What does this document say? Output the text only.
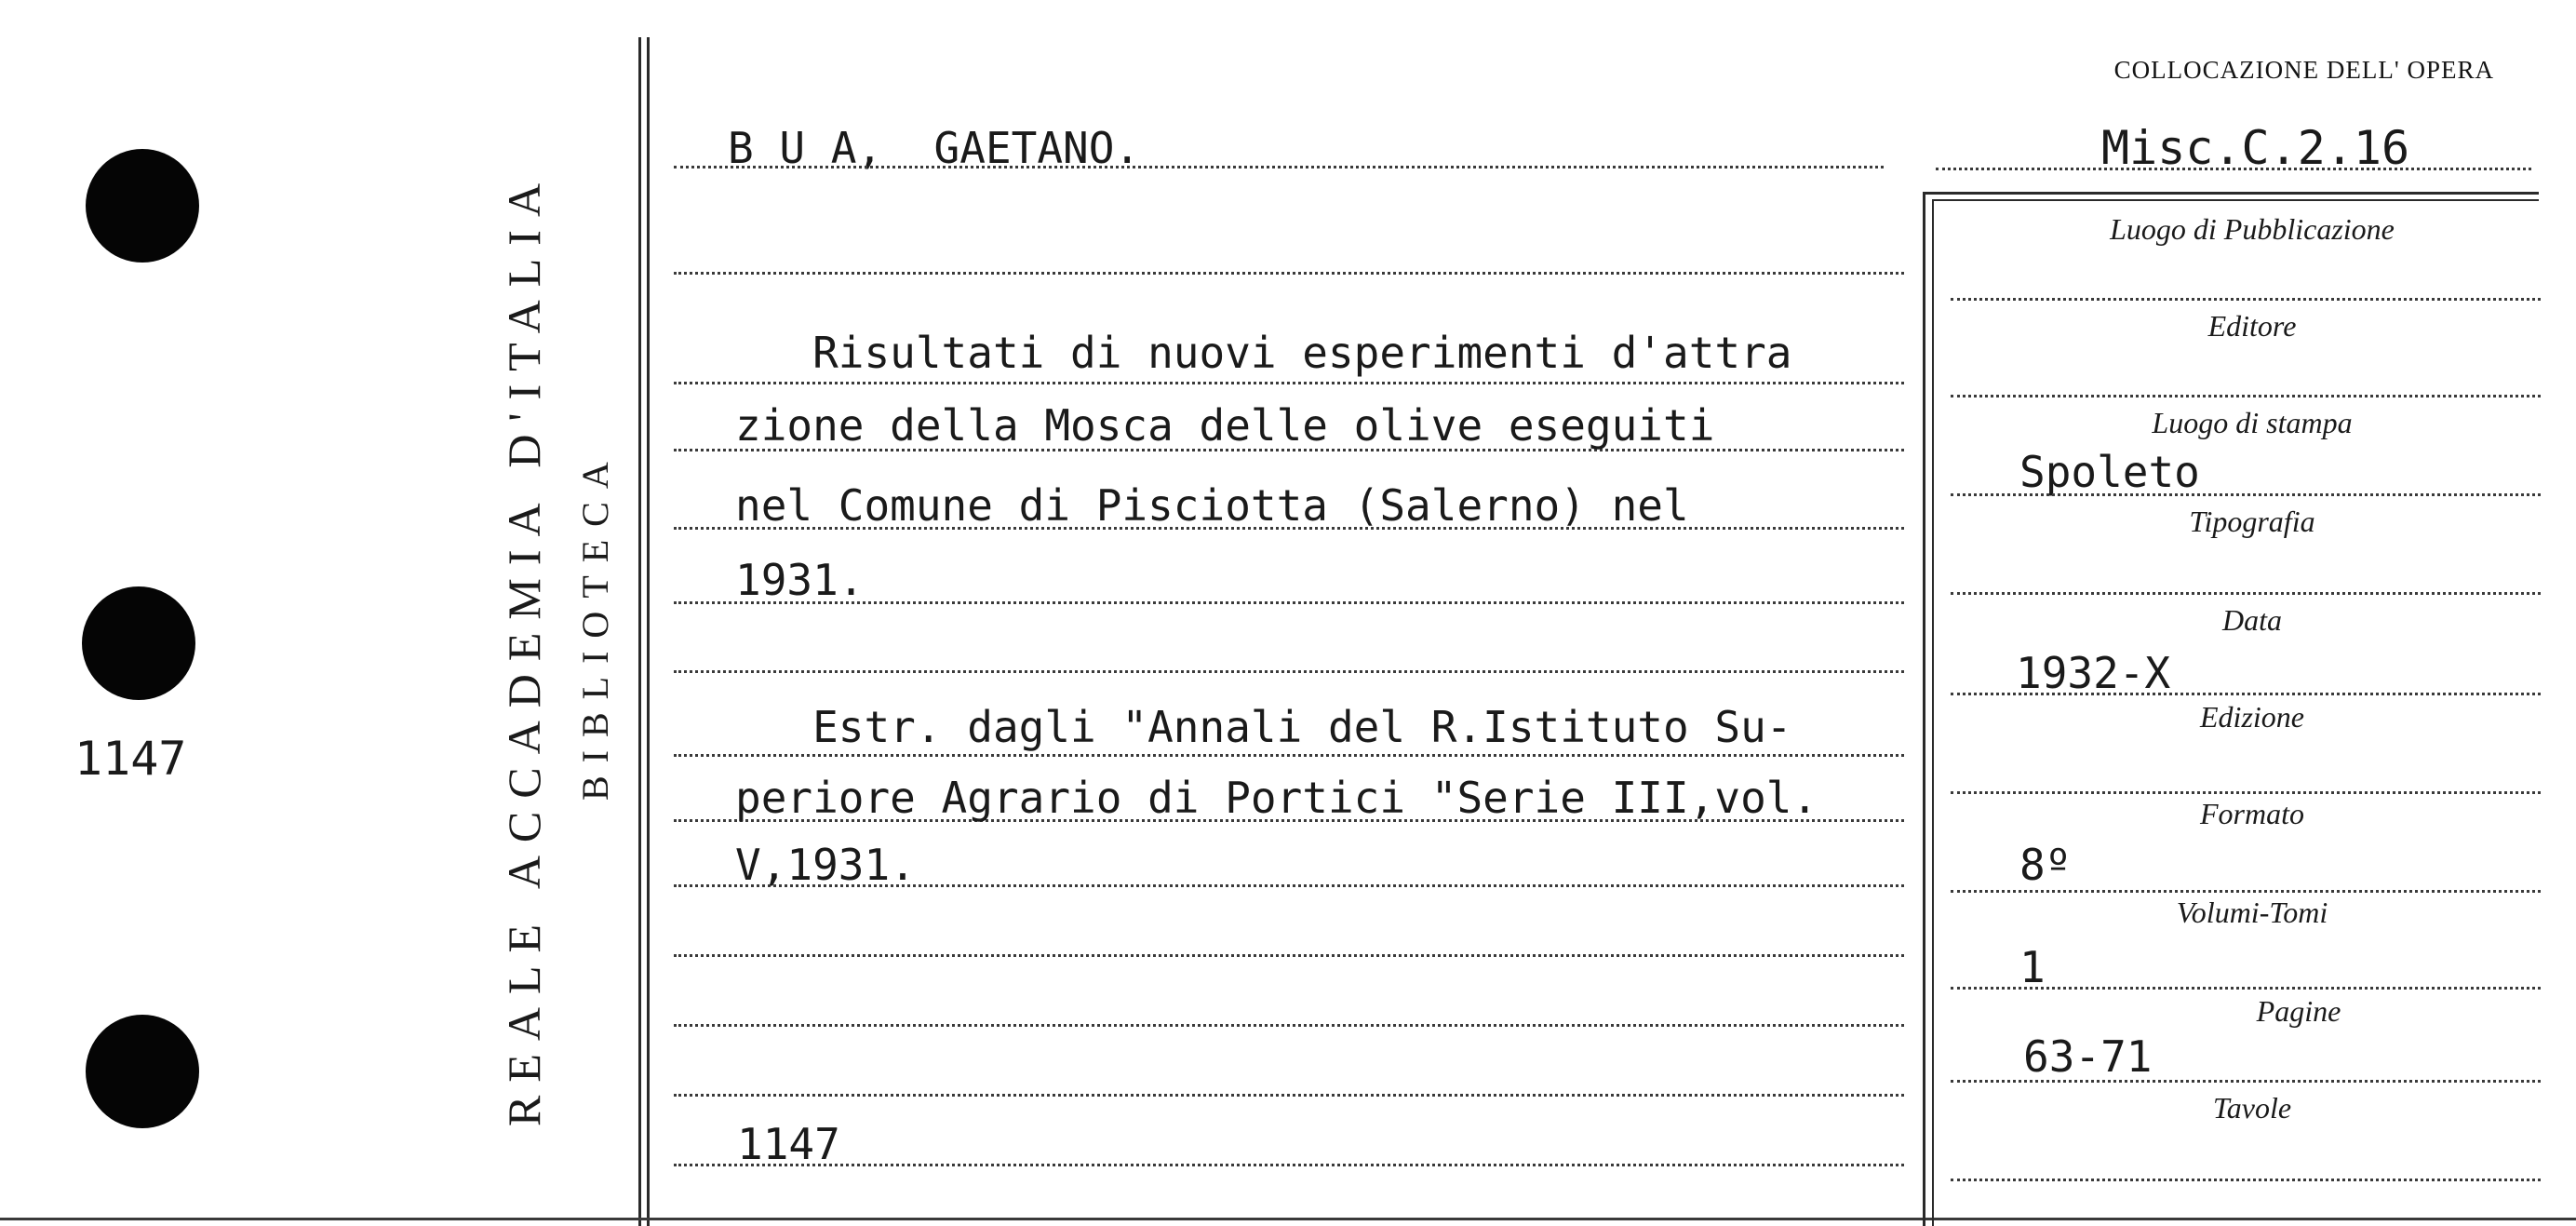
1147	REALE ACCADEMIA D'ITALIA BIBLIOTECA
COLLOCAZIONE DELL' OPERA
B U A,  GAETANO.	Misc.C.2.16
Risultati di nuovi esperimenti d'attra
zione della Mosca delle olive eseguiti
nel Comune di Pisciotta (Salerno) nel
1931.
Estr. dagli "Annali del R.Istituto Su-
periore Agrario di Portici "Serie III,vol.
V,1931.
1147
Luogo di Pubblicazione
Editore
Luogo di stampa
Spoleto
Tipografia
Data
1932-X
Edizione
Formato
8º
Volumi-Tomi
1
Pagine
63-71
Tavole
